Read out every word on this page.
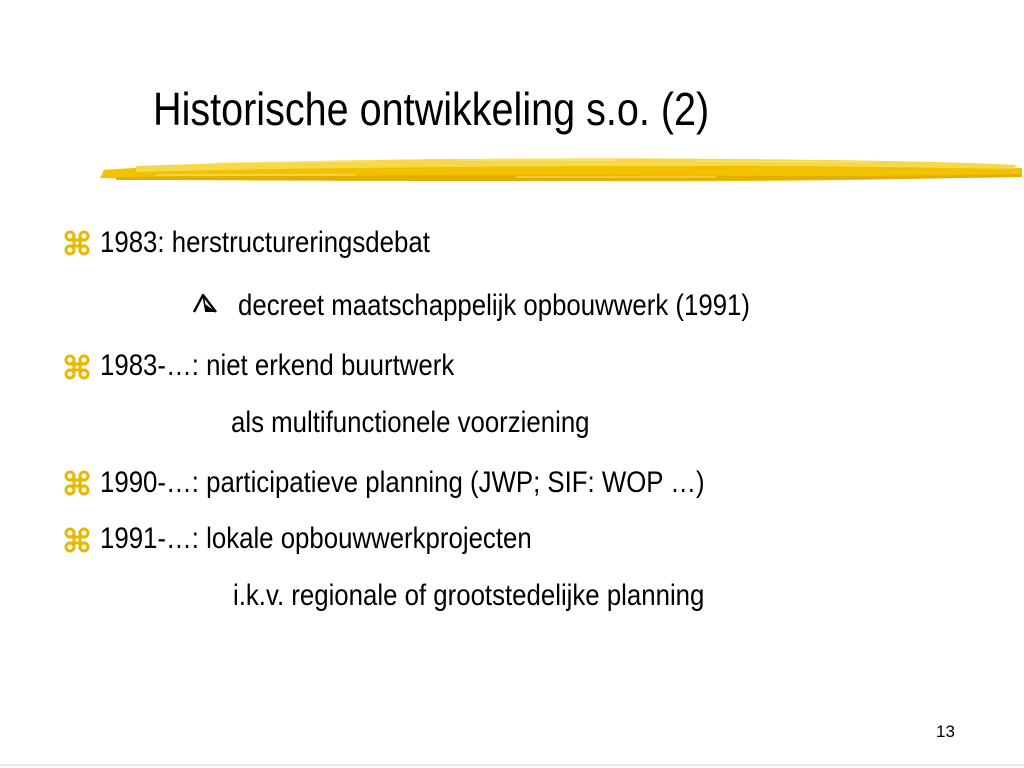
Historische ontwikkeling s.o. (2)
1983: herstructureringsdebat
decreet maatschappelijk opbouwwerk (1991)
1983-…: niet erkend buurtwerk
als multifunctionele voorziening
1990-…: participatieve planning (JWP; SIF: WOP …)
1991-…: lokale opbouwwerkprojecten
i.k.v. regionale of grootstedelijke planning
13
